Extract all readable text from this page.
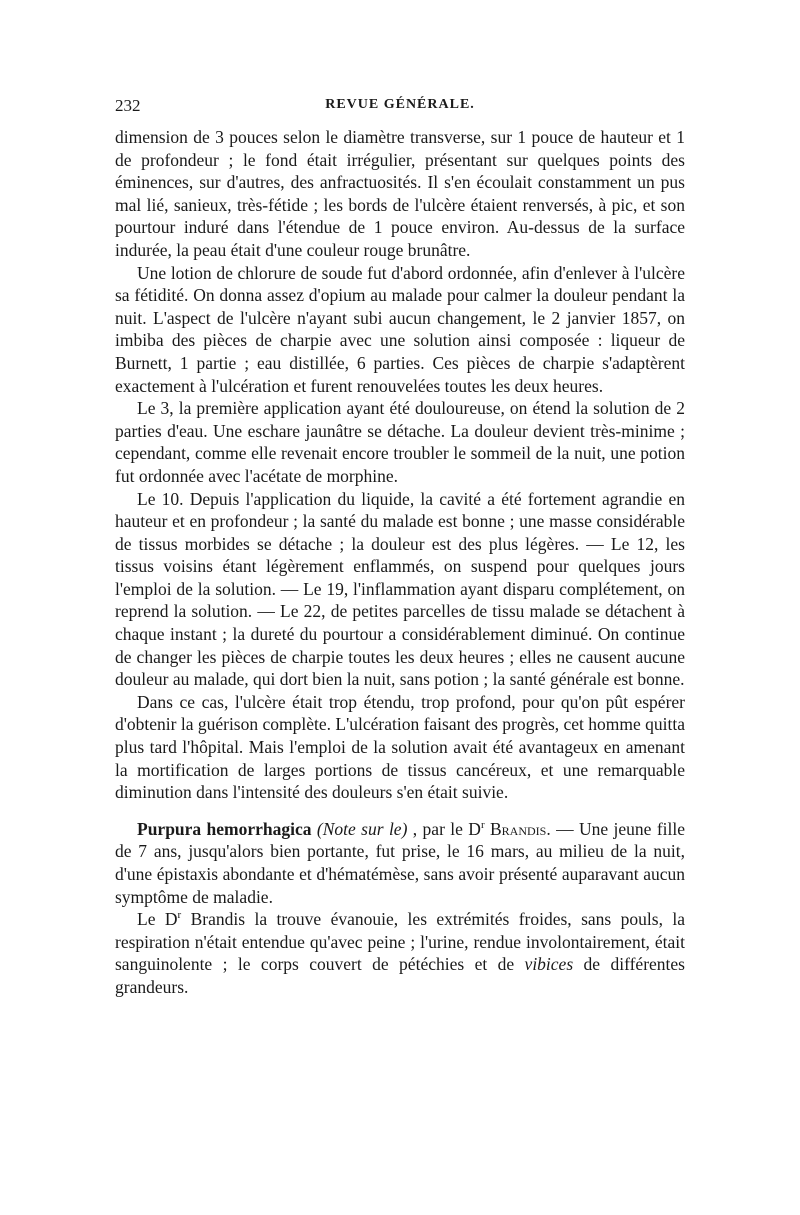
232	REVUE GÉNÉRALE.

dimension de 3 pouces selon le diamètre transverse, sur 1 pouce de hauteur et 1 de profondeur ; le fond était irrégulier, présentant sur quelques points des éminences, sur d'autres, des anfractuosités. Il s'en écoulait constamment un pus mal lié, sanieux, très-fétide ; les bords de l'ulcère étaient renversés, à pic, et son pourtour induré dans l'étendue de 1 pouce environ. Au-dessus de la surface indurée, la peau était d'une couleur rouge brunâtre.

Une lotion de chlorure de soude fut d'abord ordonnée, afin d'enlever à l'ulcère sa fétidité. On donna assez d'opium au malade pour calmer la douleur pendant la nuit. L'aspect de l'ulcère n'ayant subi aucun changement, le 2 janvier 1857, on imbiba des pièces de charpie avec une solution ainsi composée : liqueur de Burnett, 1 partie ; eau distillée, 6 parties. Ces pièces de charpie s'adaptèrent exactement à l'ulcération et furent renouvelées toutes les deux heures.

Le 3, la première application ayant été douloureuse, on étend la solution de 2 parties d'eau. Une eschare jaunâtre se détache. La douleur devient très-minime ; cependant, comme elle revenait encore troubler le sommeil de la nuit, une potion fut ordonnée avec l'acétate de morphine.

Le 10. Depuis l'application du liquide, la cavité a été fortement agrandie en hauteur et en profondeur ; la santé du malade est bonne ; une masse considérable de tissus morbides se détache ; la douleur est des plus légères. — Le 12, les tissus voisins étant légèrement enflammés, on suspend pour quelques jours l'emploi de la solution. — Le 19, l'inflammation ayant disparu complétement, on reprend la solution. — Le 22, de petites parcelles de tissu malade se détachent à chaque instant ; la dureté du pourtour a considérablement diminué. On continue de changer les pièces de charpie toutes les deux heures ; elles ne causent aucune douleur au malade, qui dort bien la nuit, sans potion ; la santé générale est bonne.

Dans ce cas, l'ulcère était trop étendu, trop profond, pour qu'on pût espérer d'obtenir la guérison complète. L'ulcération faisant des progrès, cet homme quitta plus tard l'hôpital. Mais l'emploi de la solution avait été avantageux en amenant la mortification de larges portions de tissus cancéreux, et une remarquable diminution dans l'intensité des douleurs s'en était suivie.

Purpura hemorrhagica (Note sur le) , par le $D^r$ Brandis. — Une jeune fille de 7 ans, jusqu'alors bien portante, fut prise, le 16 mars, au milieu de la nuit, d'une épistaxis abondante et d'hématémèse, sans avoir présenté auparavant aucun symptôme de maladie.

Le $D^r$ Brandis la trouve évanouie, les extrémités froides, sans pouls, la respiration n'était entendue qu'avec peine ; l'urine, rendue involontairement, était sanguinolente ; le corps couvert de pétéchies et de vibices de différentes grandeurs.
